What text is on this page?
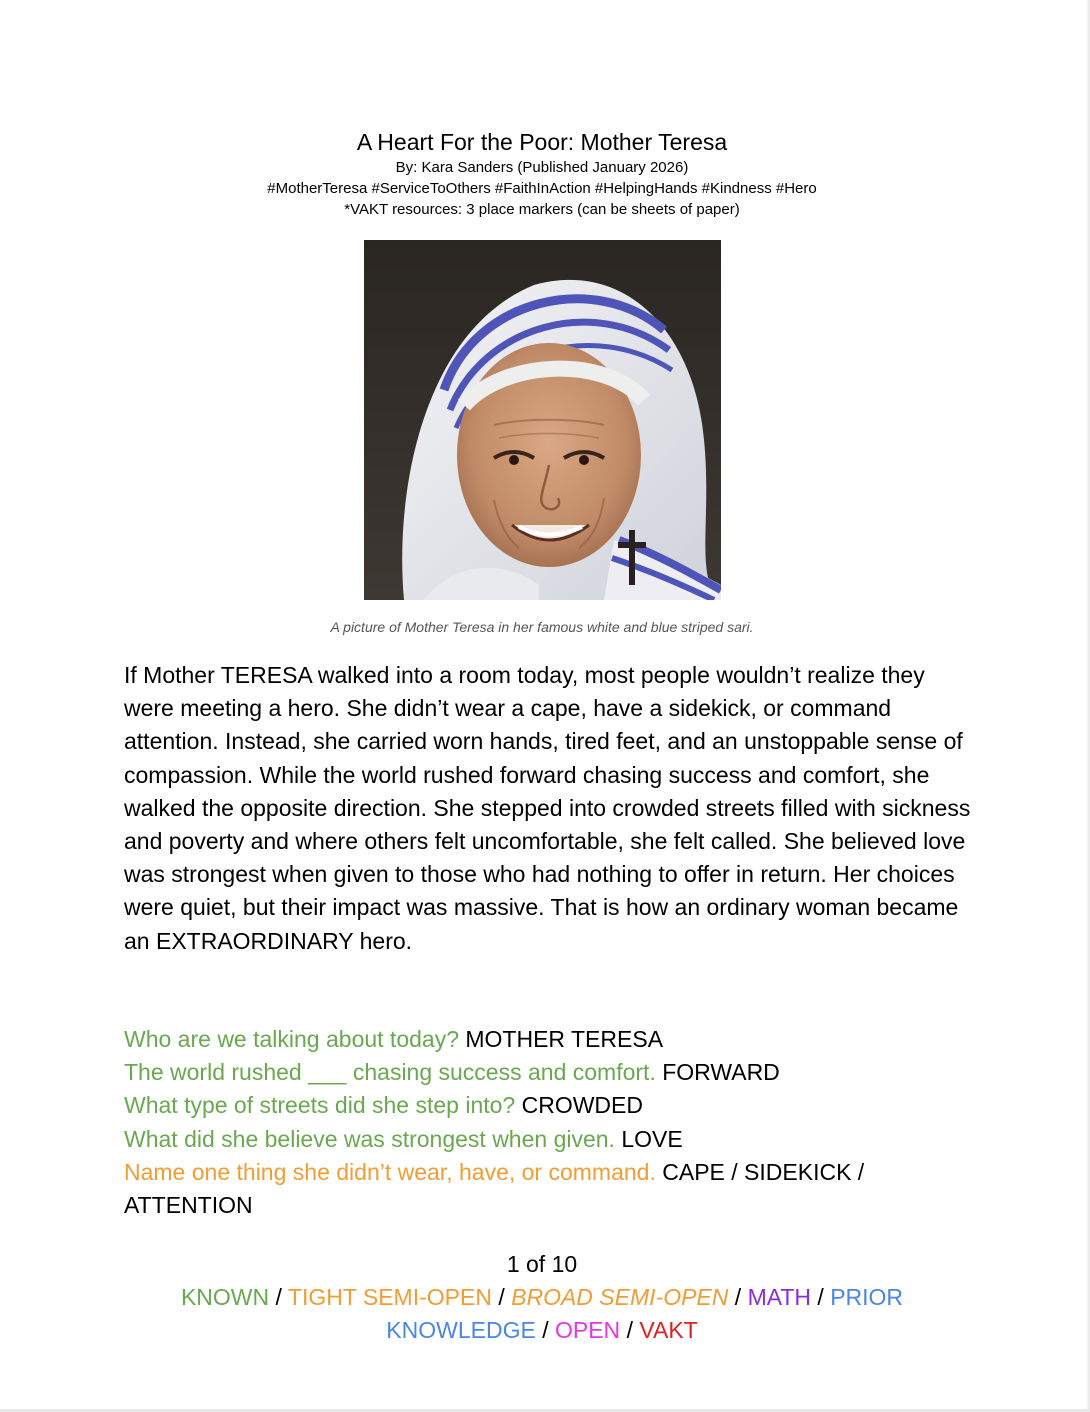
A Heart For the Poor: Mother Teresa
By: Kara Sanders (Published January 2026)
#MotherTeresa #ServiceToOthers #FaithInAction #HelpingHands #Kindness #Hero
*VAKT resources: 3 place markers (can be sheets of paper)
A picture of Mother Teresa in her famous white and blue striped sari.

If Mother TERESA walked into a room today, most people wouldn’t realize they were meeting a hero. She didn’t wear a cape, have a sidekick, or command attention. Instead, she carried worn hands, tired feet, and an unstoppable sense of compassion. While the world rushed forward chasing success and comfort, she walked the opposite direction. She stepped into crowded streets filled with sickness and poverty and where others felt uncomfortable, she felt called. She believed love was strongest when given to those who had nothing to offer in return. Her choices were quiet, but their impact was massive. That is how an ordinary woman became an EXTRAORDINARY hero.

Who are we talking about today? MOTHER TERESA

The world rushed ___ chasing success and comfort. FORWARD

What type of streets did she step into? CROWDED

What did she believe was strongest when given. LOVE

Name one thing she didn’t wear, have, or command. CAPE / SIDEKICK / ATTENTION

1 of 10
KNOWN / TIGHT SEMI-OPEN / BROAD SEMI-OPEN / MATH / PRIOR KNOWLEDGE / OPEN / VAKT
